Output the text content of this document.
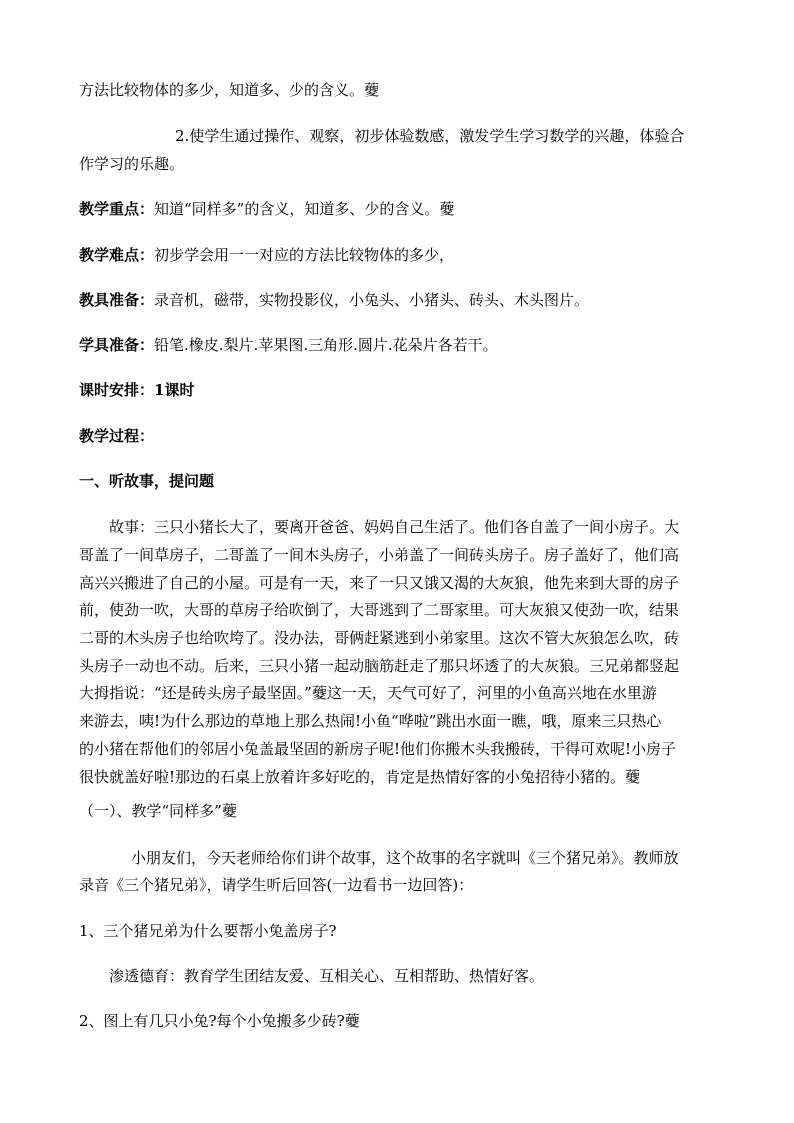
方法比较物体的多少，知道多、少的含义。䕫

2.使学生通过操作、观察，初步体验数感，激发学生学习数学的兴趣，体验合

作学习的乐趣。

教学重点：知道“同样多”的含义，知道多、少的含义。䕫

教学难点：初步学会用一一对应的方法比较物体的多少，

教具准备：录音机，磁带，实物投影仪，小兔头、小猪头、砖头、木头图片。

学具准备：铅笔.橡皮.梨片.苹果图.三角形.圆片.花朵片各若干。

课时安排：1课时

教学过程：

一、听故事，提问题

故事：三只小猪长大了，要离开爸爸、妈妈自己生活了。他们各自盖了一间小房子。大

哥盖了一间草房子，二哥盖了一间木头房子，小弟盖了一间砖头房子。房子盖好了，他们高

高兴兴搬进了自己的小屋。可是有一天，来了一只又饿又渴的大灰狼，他先来到大哥的房子

前，使劲一吹，大哥的草房子给吹倒了，大哥逃到了二哥家里。可大灰狼又使劲一吹，结果

二哥的木头房子也给吹垮了。没办法，哥俩赶紧逃到小弟家里。这次不管大灰狼怎么吹，砖

头房子一动也不动。后来，三只小猪一起动脑筋赶走了那只坏透了的大灰狼。三兄弟都竖起

大拇指说：“还是砖头房子最坚固。”䕫这一天，天气可好了，河里的小鱼高兴地在水里游

来游去，咦!为什么那边的草地上那么热闹!小鱼“哗啦”跳出水面一瞧，哦，原来三只热心

的小猪在帮他们的邻居小兔盖最坚固的新房子呢!他们你搬木头我搬砖，干得可欢呢!小房子

很快就盖好啦!那边的石桌上放着许多好吃的，肯定是热情好客的小兔招待小猪的。䕫

（一）、教学“同样多”䕫

小朋友们，今天老师给你们讲个故事，这个故事的名字就叫《三个猪兄弟》。教师放

录音《三个猪兄弟》，请学生听后回答(一边看书一边回答)：

1、三个猪兄弟为什么要帮小兔盖房子?

渗透德育：教育学生团结友爱、互相关心、互相帮助、热情好客。

2、图上有几只小兔?每个小兔搬多少砖?䕫
